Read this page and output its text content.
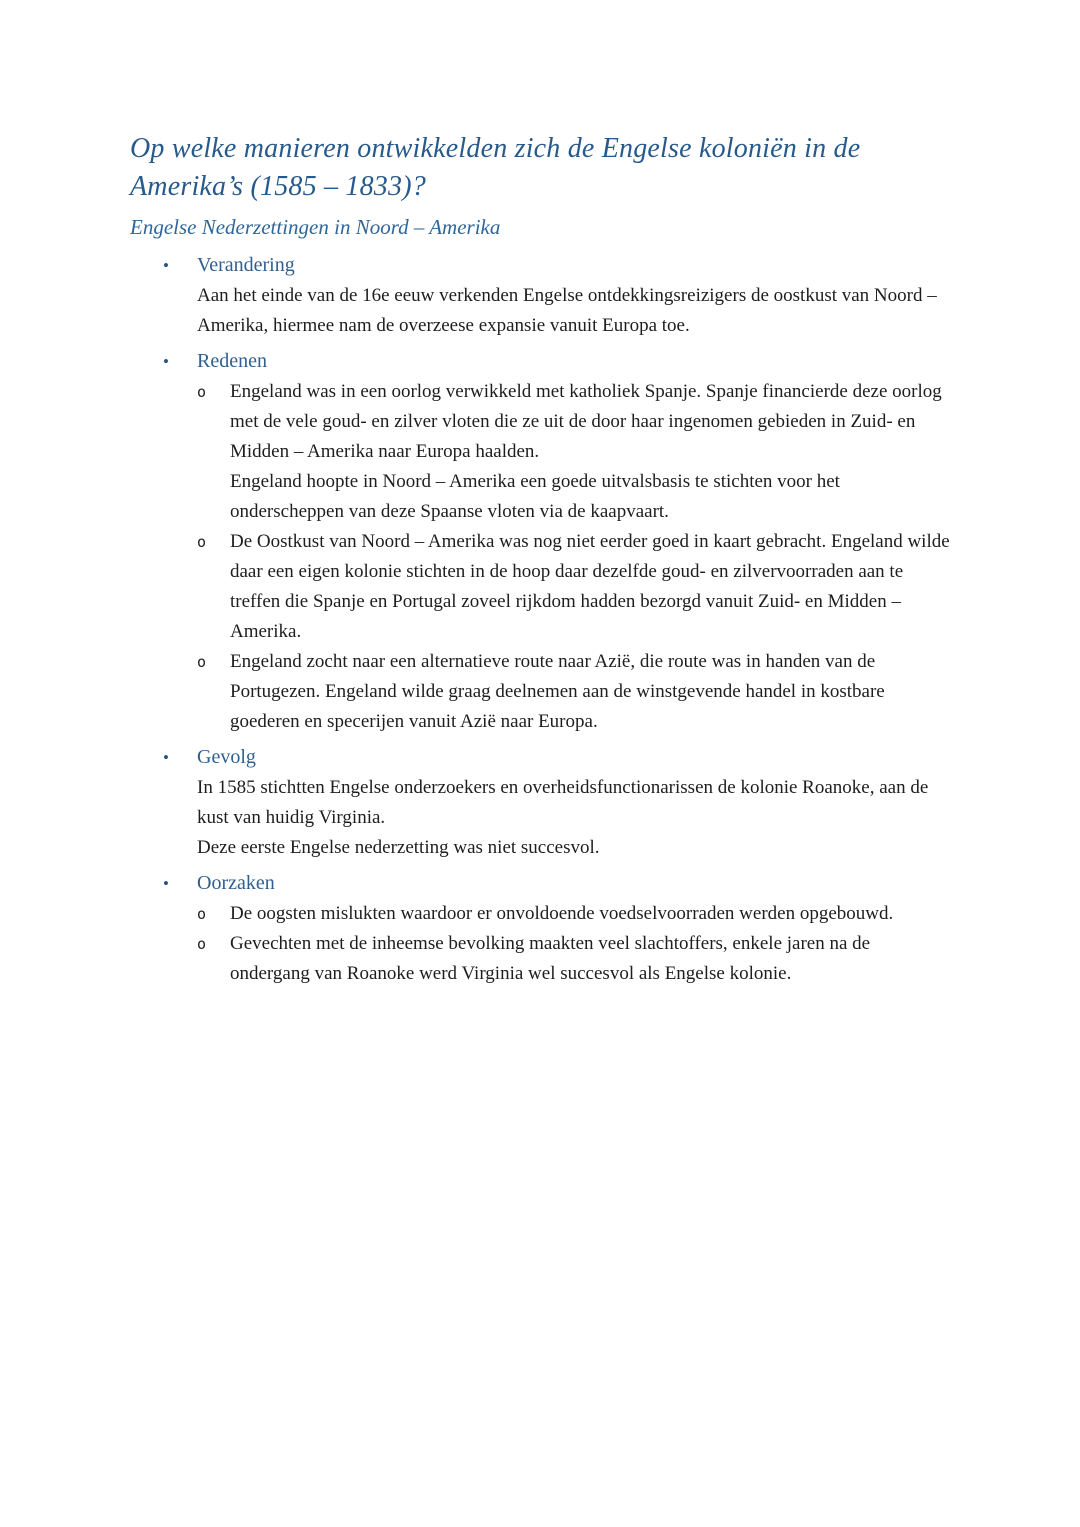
Op welke manieren ontwikkelden zich de Engelse koloniën in de
Amerika’s (1585 – 1833)?
Engelse Nederzettingen in Noord – Amerika
•	Verandering
Aan het einde van de 16e eeuw verkenden Engelse ontdekkingsreizigers de oostkust van Noord – Amerika, hiermee nam de overzeese expansie vanuit Europa toe.
•	Redenen
o	Engeland was in een oorlog verwikkeld met katholiek Spanje. Spanje financierde deze oorlog met de vele goud- en zilver vloten die ze uit de door haar ingenomen gebieden in Zuid- en Midden – Amerika naar Europa haalden.
Engeland hoopte in Noord – Amerika een goede uitvalsbasis te stichten voor het onderscheppen van deze Spaanse vloten via de kaapvaart.
o	De Oostkust van Noord – Amerika was nog niet eerder goed in kaart gebracht. Engeland wilde daar een eigen kolonie stichten in de hoop daar dezelfde goud- en zilvervoorraden aan te treffen die Spanje en Portugal zoveel rijkdom hadden bezorgd vanuit Zuid- en Midden – Amerika.
o	Engeland zocht naar een alternatieve route naar Azië, die route was in handen van de Portugezen. Engeland wilde graag deelnemen aan de winstgevende handel in kostbare goederen en specerijen vanuit Azië naar Europa.
•	Gevolg
In 1585 stichtten Engelse onderzoekers en overheidsfunctionarissen de kolonie Roanoke, aan de kust van huidig Virginia.
Deze eerste Engelse nederzetting was niet succesvol.
•	Oorzaken
o	De oogsten mislukten waardoor er onvoldoende voedselvoorraden werden opgebouwd.
o	Gevechten met de inheemse bevolking maakten veel slachtoffers, enkele jaren na de ondergang van Roanoke werd Virginia wel succesvol als Engelse kolonie.
